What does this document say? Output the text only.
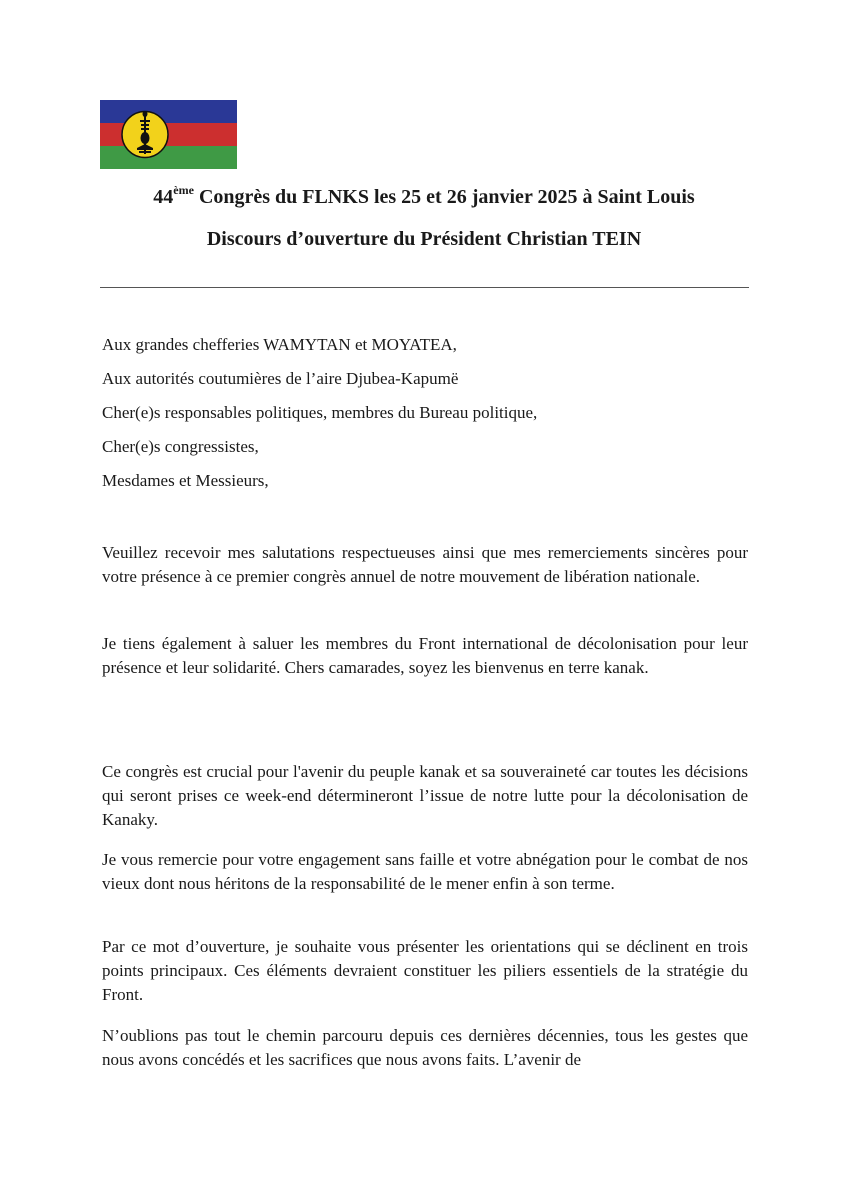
44ème Congrès du FLNKS les 25 et 26 janvier 2025 à Saint Louis
Discours d’ouverture du Président Christian TEIN
Aux grandes chefferies WAMYTAN et MOYATEA,
Aux autorités coutumières de l’aire Djubea-Kapumë
Cher(e)s responsables politiques, membres du Bureau politique,
Cher(e)s congressistes,
Mesdames et Messieurs,

Veuillez recevoir mes salutations respectueuses ainsi que mes remerciements sincères pour votre présence à ce premier congrès annuel de notre mouvement de libération nationale.

Je tiens également à saluer les membres du Front international de décolonisation pour leur présence et leur solidarité. Chers camarades, soyez les bienvenus en terre kanak.

Ce congrès est crucial pour l'avenir du peuple kanak et sa souveraineté car toutes les décisions qui seront prises ce week-end détermineront l’issue de notre lutte pour la décolonisation de Kanaky.

Je vous remercie pour votre engagement sans faille et votre abnégation pour le combat de nos vieux dont nous héritons de la responsabilité de le mener enfin à son terme.

Par ce mot d’ouverture, je souhaite vous présenter les orientations qui se déclinent en trois points principaux. Ces éléments devraient constituer les piliers essentiels de la stratégie du Front.

N’oublions pas tout le chemin parcouru depuis ces dernières décennies, tous les gestes que nous avons concédés et les sacrifices que nous avons faits. L’avenir de
